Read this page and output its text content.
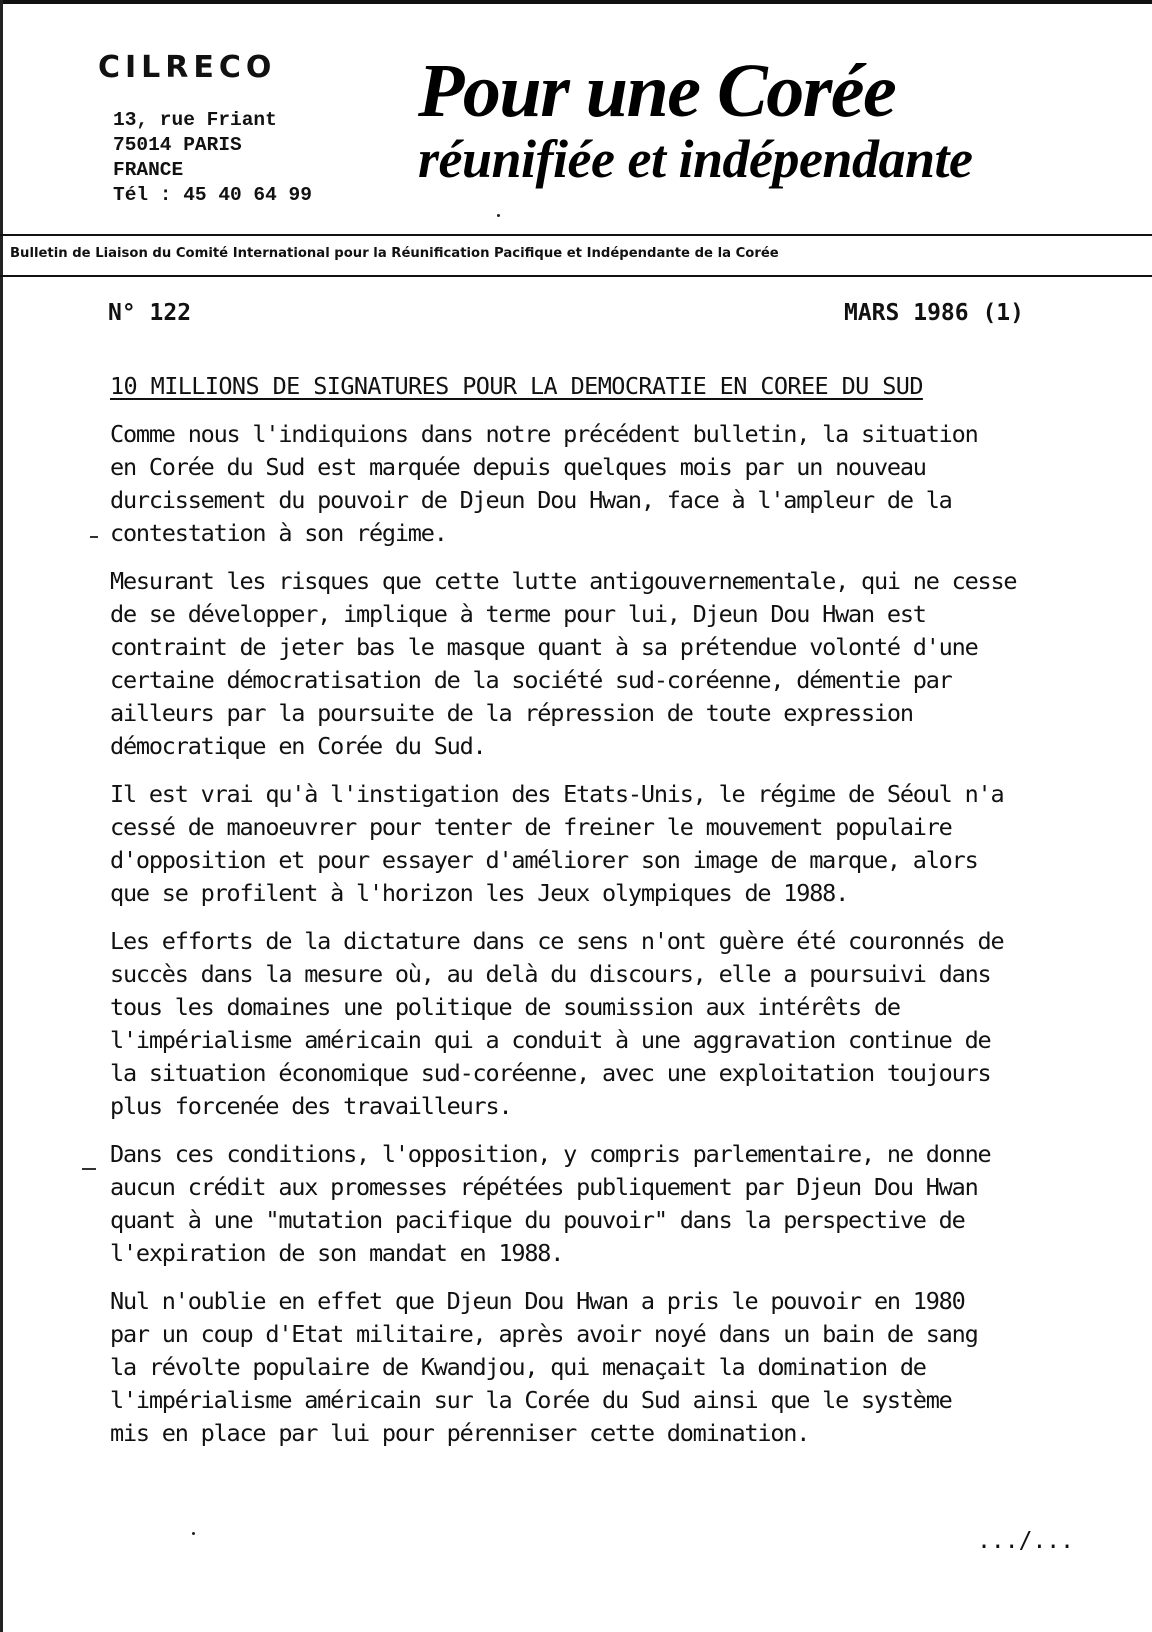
CILRECO
13, rue Friant
75014 PARIS
FRANCE
Tél : 45 40 64 99
Pour une Corée
réunifiée et indépendante
Bulletin de Liaison du Comité International pour la Réunification Pacifique et Indépendante de la Corée
N° 122	MARS 1986 (1)
10 MILLIONS DE SIGNATURES POUR LA DEMOCRATIE EN COREE DU SUD

Comme nous l'indiquions dans notre précédent bulletin, la situation
en Corée du Sud est marquée depuis quelques mois par un nouveau
durcissement du pouvoir de Djeun Dou Hwan, face à l'ampleur de la
contestation à son régime.

Mesurant les risques que cette lutte antigouvernementale, qui ne cesse
de se développer, implique à terme pour lui, Djeun Dou Hwan est
contraint de jeter bas le masque quant à sa prétendue volonté d'une
certaine démocratisation de la société sud-coréenne, démentie par
ailleurs par la poursuite de la répression de toute expression
démocratique en Corée du Sud.

Il est vrai qu'à l'instigation des Etats-Unis, le régime de Séoul n'a
cessé de manoeuvrer pour tenter de freiner le mouvement populaire
d'opposition et pour essayer d'améliorer son image de marque, alors
que se profilent à l'horizon les Jeux olympiques de 1988.

Les efforts de la dictature dans ce sens n'ont guère été couronnés de
succès dans la mesure où, au delà du discours, elle a poursuivi dans
tous les domaines une politique de soumission aux intérêts de
l'impérialisme américain qui a conduit à une aggravation continue de
la situation économique sud-coréenne, avec une exploitation toujours
plus forcenée des travailleurs.

Dans ces conditions, l'opposition, y compris parlementaire, ne donne
aucun crédit aux promesses répétées publiquement par Djeun Dou Hwan
quant à une "mutation pacifique du pouvoir" dans la perspective de
l'expiration de son mandat en 1988.

Nul n'oublie en effet que Djeun Dou Hwan a pris le pouvoir en 1980
par un coup d'Etat militaire, après avoir noyé dans un bain de sang
la révolte populaire de Kwandjou, qui menaçait la domination de
l'impérialisme américain sur la Corée du Sud ainsi que le système
mis en place par lui pour pérenniser cette domination.

.../...
